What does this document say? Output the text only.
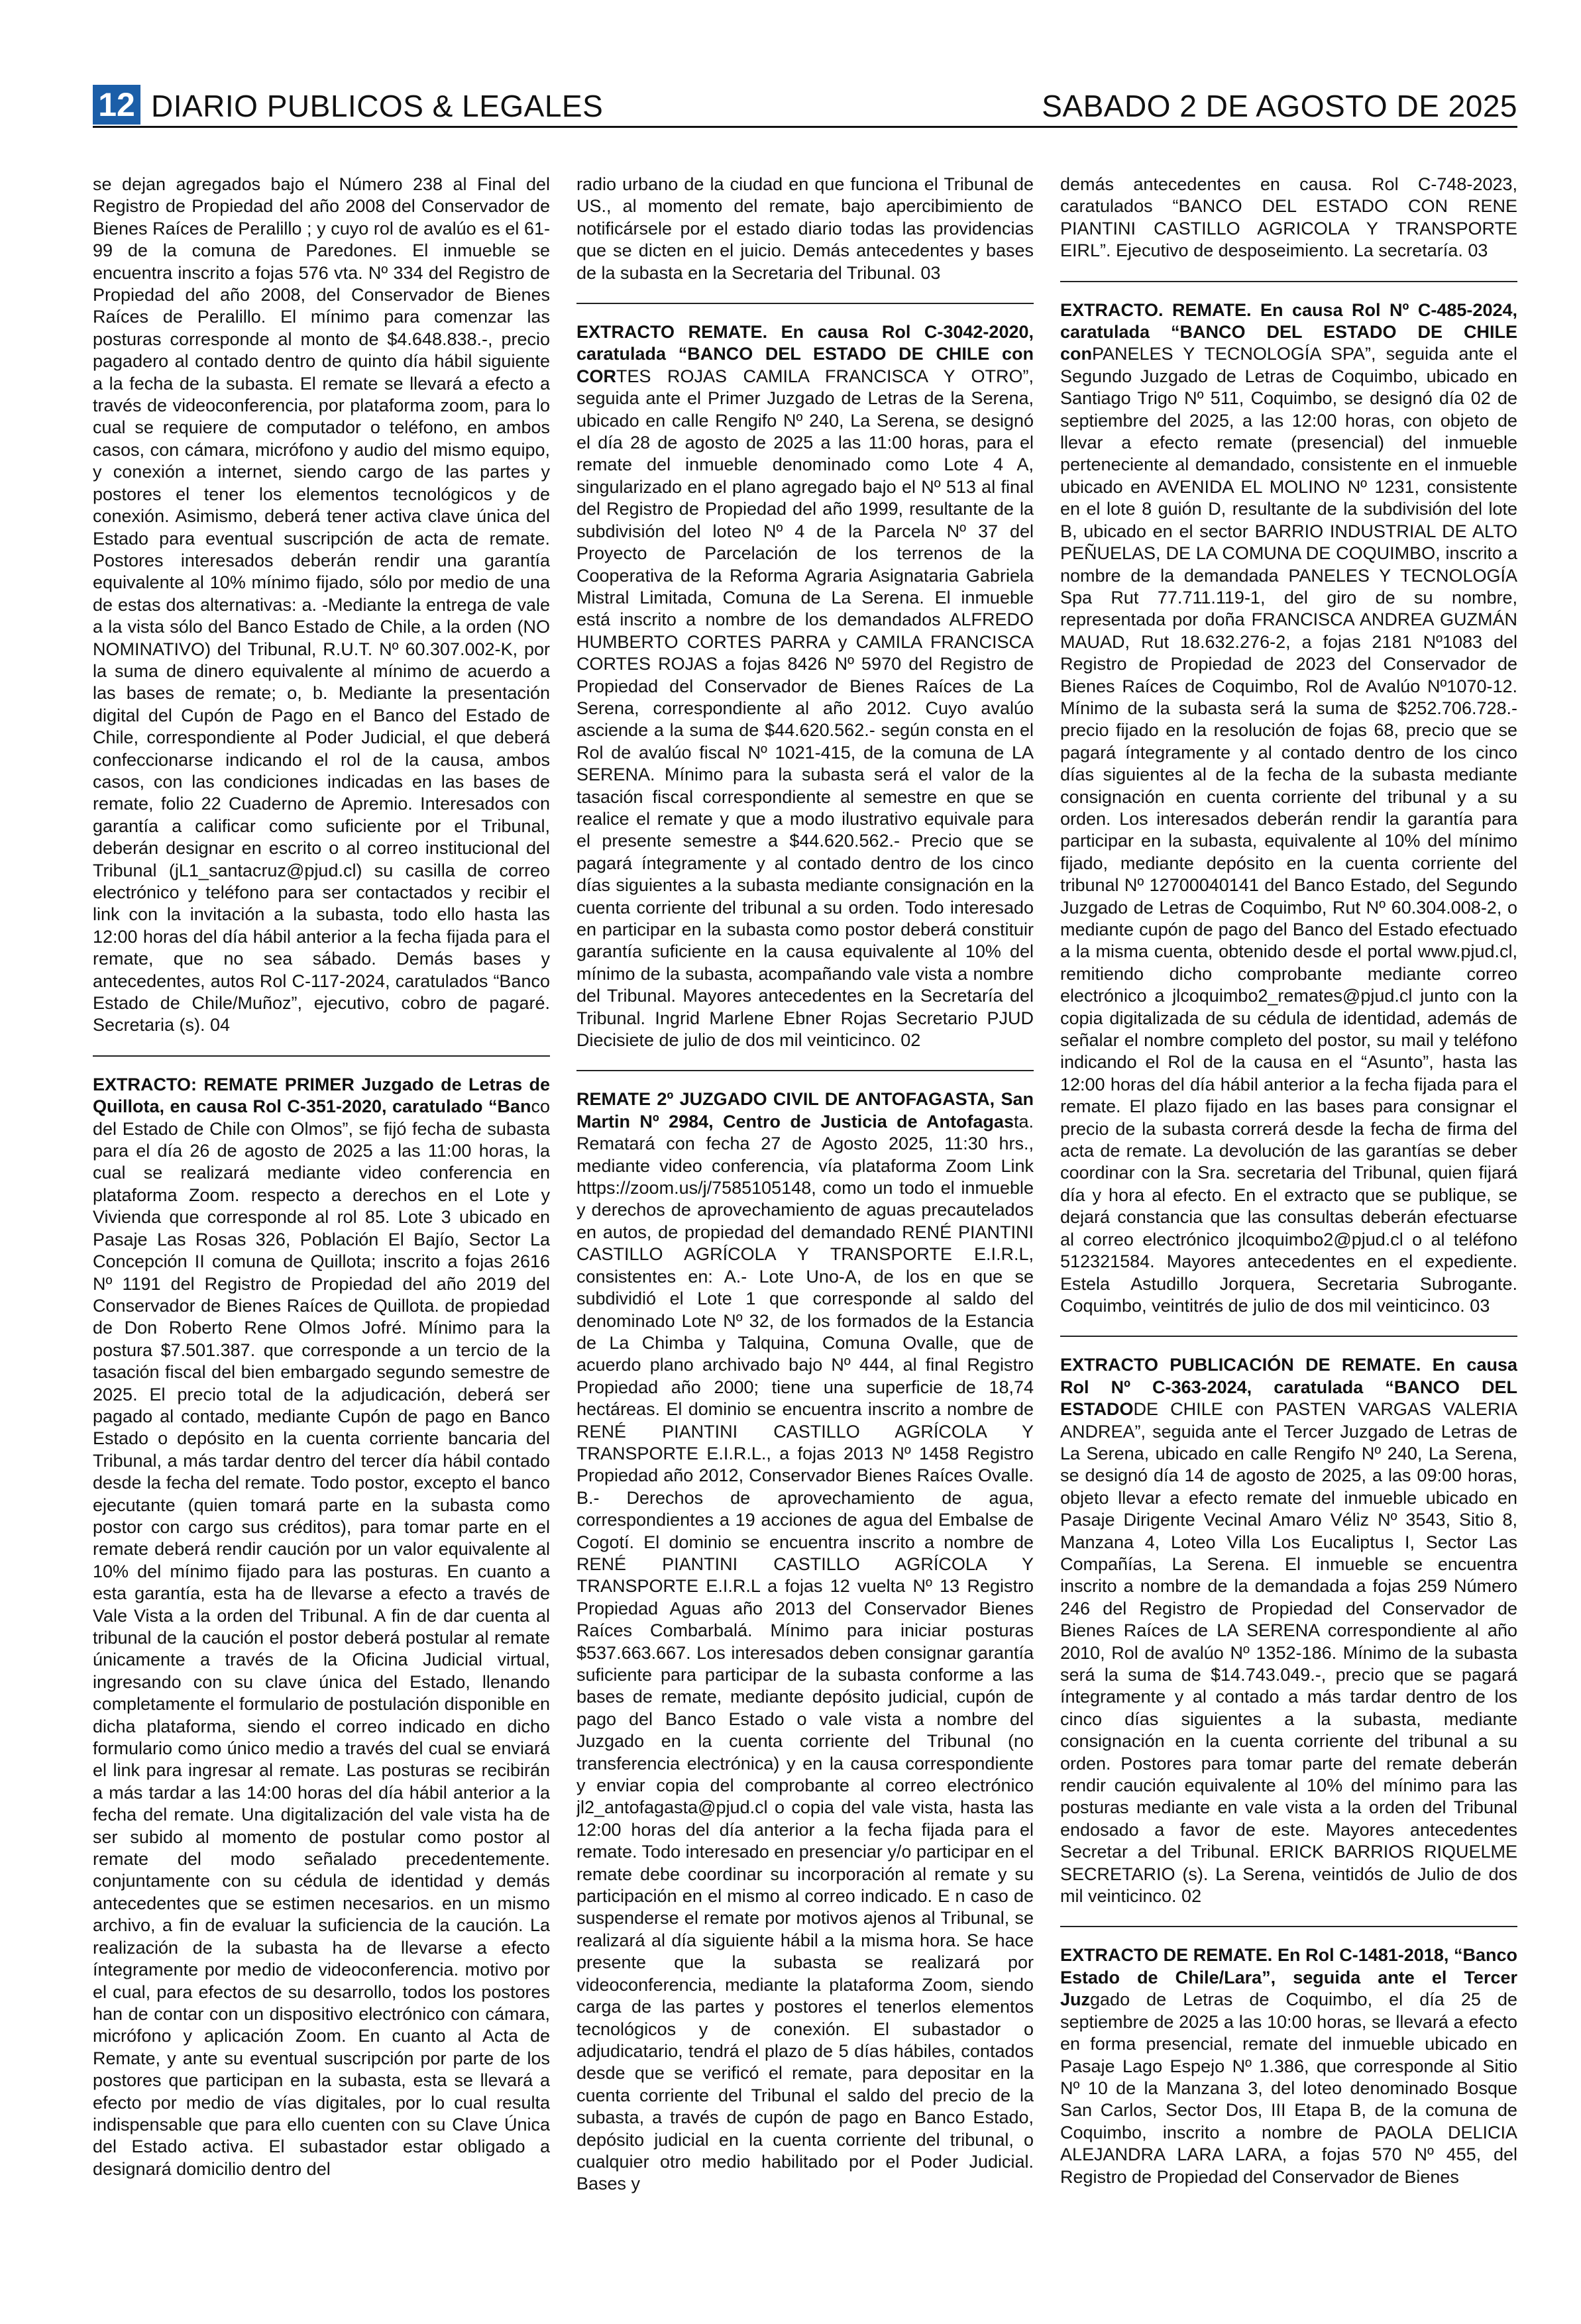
12 DIARIO PUBLICOS & LEGALES	SABADO 2 DE AGOSTO DE 2025

se dejan agregados bajo el Número 238 al Final del Registro de Propiedad del año 2008 del Conservador de Bienes Raíces de Peralillo ; y cuyo rol de avalúo es el 61-99 de la comuna de Paredones. El inmueble se encuentra inscrito a fojas 576 vta. Nº 334 del Registro de Propiedad del año 2008, del Conservador de Bienes Raíces de Peralillo. El mínimo para comenzar las posturas corresponde al monto de $4.648.838.-, precio pagadero al contado dentro de quinto día hábil siguiente a la fecha de la subasta. El remate se llevará a efecto a través de videoconferencia, por plataforma zoom, para lo cual se requiere de computador o teléfono, en ambos casos, con cámara, micrófono y audio del mismo equipo, y conexión a internet, siendo cargo de las partes y postores el tener los elementos tecnológicos y de conexión. Asimismo, deberá tener activa clave única del Estado para eventual suscripción de acta de remate. Postores interesados deberán rendir una garantía equivalente al 10% mínimo fijado, sólo por medio de una de estas dos alternativas: a. -Mediante la entrega de vale a la vista sólo del Banco Estado de Chile, a la orden (NO NOMINATIVO) del Tribunal, R.U.T. Nº 60.307.002-K, por la suma de dinero equivalente al mínimo de acuerdo a las bases de remate; o, b. Mediante la presentación digital del Cupón de Pago en el Banco del Estado de Chile, correspondiente al Poder Judicial, el que deberá confeccionarse indicando el rol de la causa, ambos casos, con las condiciones indicadas en las bases de remate, folio 22 Cuaderno de Apremio. Interesados con garantía a calificar como suficiente por el Tribunal, deberán designar en escrito o al correo institucional del Tribunal (jL1_santacruz@pjud.cl) su casilla de correo electrónico y teléfono para ser contactados y recibir el link con la invitación a la subasta, todo ello hasta las 12:00 horas del día hábil anterior a la fecha fijada para el remate, que no sea sábado. Demás bases y antecedentes, autos Rol C-117-2024, caratulados “Banco Estado de Chile/Muñoz”, ejecutivo, cobro de pagaré. Secretaria (s). 04

EXTRACTO: REMATE PRIMER Juzgado de Letras de Quillota, en causa Rol C-351-2020, caratulado “Banco del Estado de Chile con Olmos”, se fijó fecha de subasta para el día 26 de agosto de 2025 a las 11:00 horas, la cual se realizará mediante video conferencia en plataforma Zoom. respecto a derechos en el Lote y Vivienda que corresponde al rol 85. Lote 3 ubicado en Pasaje Las Rosas 326, Población El Bajío, Sector La Concepción II comuna de Quillota; inscrito a fojas 2616 Nº 1191 del Registro de Propiedad del año 2019 del Conservador de Bienes Raíces de Quillota. de propiedad de Don Roberto Rene Olmos Jofré. Mínimo para la postura $7.501.387. que corresponde a un tercio de la tasación fiscal del bien embargado segundo semestre de 2025. El precio total de la adjudicación, deberá ser pagado al contado, mediante Cupón de pago en Banco Estado o depósito en la cuenta corriente bancaria del Tribunal, a más tardar dentro del tercer día hábil contado desde la fecha del remate. Todo postor, excepto el banco ejecutante (quien tomará parte en la subasta como postor con cargo sus créditos), para tomar parte en el remate deberá rendir caución por un valor equivalente al 10% del mínimo fijado para las posturas. En cuanto a esta garantía, esta ha de llevarse a efecto a través de Vale Vista a la orden del Tribunal. A fin de dar cuenta al tribunal de la caución el postor deberá postular al remate únicamente a través de la Oficina Judicial virtual, ingresando con su clave única del Estado, llenando completamente el formulario de postulación disponible en dicha plataforma, siendo el correo indicado en dicho formulario como único medio a través del cual se enviará el link para ingresar al remate. Las posturas se recibirán a más tardar a las 14:00 horas del día hábil anterior a la fecha del remate. Una digitalización del vale vista ha de ser subido al momento de postular como postor al remate del modo señalado precedentemente. conjuntamente con su cédula de identidad y demás antecedentes que se estimen necesarios. en un mismo archivo, a fin de evaluar la suficiencia de la caución. La realización de la subasta ha de llevarse a efecto íntegramente por medio de videoconferencia. motivo por el cual, para efectos de su desarrollo, todos los postores han de contar con un dispositivo electrónico con cámara, micrófono y aplicación Zoom. En cuanto al Acta de Remate, y ante su eventual suscripción por parte de los postores que participan en la subasta, esta se llevará a efecto por medio de vías digitales, por lo cual resulta indispensable que para ello cuenten con su Clave Única del Estado activa. El subastador estar obligado a designará domicilio dentro del

radio urbano de la ciudad en que funciona el Tribunal de US., al momento del remate, bajo apercibimiento de notificársele por el estado diario todas las providencias que se dicten en el juicio. Demás antecedentes y bases de la subasta en la Secretaria del Tribunal. 03

EXTRACTO REMATE. En causa Rol C-3042-2020, caratulada “BANCO DEL ESTADO DE CHILE con CORTES ROJAS CAMILA FRANCISCA Y OTRO”, seguida ante el Primer Juzgado de Letras de la Serena, ubicado en calle Rengifo Nº 240, La Serena, se designó el día 28 de agosto de 2025 a las 11:00 horas, para el remate del inmueble denominado como Lote 4 A, singularizado en el plano agregado bajo el Nº 513 al final del Registro de Propiedad del año 1999, resultante de la subdivisión del loteo Nº 4 de la Parcela Nº 37 del Proyecto de Parcelación de los terrenos de la Cooperativa de la Reforma Agraria Asignataria Gabriela Mistral Limitada, Comuna de La Serena. El inmueble está inscrito a nombre de los demandados ALFREDO HUMBERTO CORTES PARRA y CAMILA FRANCISCA CORTES ROJAS a fojas 8426 Nº 5970 del Registro de Propiedad del Conservador de Bienes Raíces de La Serena, correspondiente al año 2012. Cuyo avalúo asciende a la suma de $44.620.562.- según consta en el Rol de avalúo fiscal Nº 1021-415, de la comuna de LA SERENA. Mínimo para la subasta será el valor de la tasación fiscal correspondiente al semestre en que se realice el remate y que a modo ilustrativo equivale para el presente semestre a $44.620.562.- Precio que se pagará íntegramente y al contado dentro de los cinco días siguientes a la subasta mediante consignación en la cuenta corriente del tribunal a su orden. Todo interesado en participar en la subasta como postor deberá constituir garantía suficiente en la causa equivalente al 10% del mínimo de la subasta, acompañando vale vista a nombre del Tribunal. Mayores antecedentes en la Secretaría del Tribunal. Ingrid Marlene Ebner Rojas Secretario PJUD Diecisiete de julio de dos mil veinticinco. 02

REMATE 2º JUZGADO CIVIL DE ANTOFAGASTA, San Martin Nº 2984, Centro de Justicia de Antofagasta. Rematará con fecha 27 de Agosto 2025, 11:30 hrs., mediante video conferencia, vía plataforma Zoom Link https://zoom.us/j/7585105148, como un todo el inmueble y derechos de aprovechamiento de aguas precautelados en autos, de propiedad del demandado RENÉ PIANTINI CASTILLO AGRÍCOLA Y TRANSPORTE E.I.R.L, consistentes en: A.- Lote Uno-A, de los en que se subdividió el Lote 1 que corresponde al saldo del denominado Lote Nº 32, de los formados de la Estancia de La Chimba y Talquina, Comuna Ovalle, que de acuerdo plano archivado bajo Nº 444, al final Registro Propiedad año 2000; tiene una superficie de 18,74 hectáreas. El dominio se encuentra inscrito a nombre de RENÉ PIANTINI CASTILLO AGRÍCOLA Y TRANSPORTE E.I.R.L., a fojas 2013 Nº 1458 Registro Propiedad año 2012, Conservador Bienes Raíces Ovalle. B.- Derechos de aprovechamiento de agua, correspondientes a 19 acciones de agua del Embalse de Cogotí. El dominio se encuentra inscrito a nombre de RENÉ PIANTINI CASTILLO AGRÍCOLA Y TRANSPORTE E.I.R.L a fojas 12 vuelta Nº 13 Registro Propiedad Aguas año 2013 del Conservador Bienes Raíces Combarbalá. Mínimo para iniciar posturas $537.663.667. Los interesados deben consignar garantía suficiente para participar de la subasta conforme a las bases de remate, mediante depósito judicial, cupón de pago del Banco Estado o vale vista a nombre del Juzgado en la cuenta corriente del Tribunal (no transferencia electrónica) y en la causa correspondiente y enviar copia del comprobante al correo electrónico jl2_antofagasta@pjud.cl o copia del vale vista, hasta las 12:00 horas del día anterior a la fecha fijada para el remate. Todo interesado en presenciar y/o participar en el remate debe coordinar su incorporación al remate y su participación en el mismo al correo indicado. E n caso de suspenderse el remate por motivos ajenos al Tribunal, se realizará al día siguiente hábil a la misma hora. Se hace presente que la subasta se realizará por videoconferencia, mediante la plataforma Zoom, siendo carga de las partes y postores el tenerlos elementos tecnológicos y de conexión. El subastador o adjudicatario, tendrá el plazo de 5 días hábiles, contados desde que se verificó el remate, para depositar en la cuenta corriente del Tribunal el saldo del precio de la subasta, a través de cupón de pago en Banco Estado, depósito judicial en la cuenta corriente del tribunal, o cualquier otro medio habilitado por el Poder Judicial. Bases y

demás antecedentes en causa. Rol C-748-2023, caratulados “BANCO DEL ESTADO CON RENE PIANTINI CASTILLO AGRICOLA Y TRANSPORTE EIRL”. Ejecutivo de desposeimiento. La secretaría. 03

EXTRACTO. REMATE. En causa Rol Nº C-485-2024, caratulada “BANCO DEL ESTADO DE CHILE conPANELES Y TECNOLOGÍA SPA”, seguida ante el Segundo Juzgado de Letras de Coquimbo, ubicado en Santiago Trigo Nº 511, Coquimbo, se designó día 02 de septiembre del 2025, a las 12:00 horas, con objeto de llevar a efecto remate (presencial) del inmueble perteneciente al demandado, consistente en el inmueble ubicado en AVENIDA EL MOLINO Nº 1231, consistente en el lote 8 guión D, resultante de la subdivisión del lote B, ubicado en el sector BARRIO INDUSTRIAL DE ALTO PEÑUELAS, DE LA COMUNA DE COQUIMBO, inscrito a nombre de la demandada PANELES Y TECNOLOGÍA Spa Rut 77.711.119-1, del giro de su nombre, representada por doña FRANCISCA ANDREA GUZMÁN MAUAD, Rut 18.632.276-2, a fojas 2181 Nº1083 del Registro de Propiedad de 2023 del Conservador de Bienes Raíces de Coquimbo, Rol de Avalúo Nº1070-12. Mínimo de la subasta será la suma de $252.706.728.- precio fijado en la resolución de fojas 68, precio que se pagará íntegramente y al contado dentro de los cinco días siguientes al de la fecha de la subasta mediante consignación en cuenta corriente del tribunal y a su orden. Los interesados deberán rendir la garantía para participar en la subasta, equivalente al 10% del mínimo fijado, mediante depósito en la cuenta corriente del tribunal Nº 12700040141 del Banco Estado, del Segundo Juzgado de Letras de Coquimbo, Rut Nº 60.304.008-2, o mediante cupón de pago del Banco del Estado efectuado a la misma cuenta, obtenido desde el portal www.pjud.cl, remitiendo dicho comprobante mediante correo electrónico a jlcoquimbo2_remates@pjud.cl junto con la copia digitalizada de su cédula de identidad, además de señalar el nombre completo del postor, su mail y teléfono indicando el Rol de la causa en el “Asunto”, hasta las 12:00 horas del día hábil anterior a la fecha fijada para el remate. El plazo fijado en las bases para consignar el precio de la subasta correrá desde la fecha de firma del acta de remate. La devolución de las garantías se deber coordinar con la Sra. secretaria del Tribunal, quien fijará día y hora al efecto. En el extracto que se publique, se dejará constancia que las consultas deberán efectuarse al correo electrónico jlcoquimbo2@pjud.cl o al teléfono 512321584. Mayores antecedentes en el expediente. Estela Astudillo Jorquera, Secretaria Subrogante. Coquimbo, veintitrés de julio de dos mil veinticinco. 03

EXTRACTO PUBLICACIÓN DE REMATE. En causa Rol Nº C-363-2024, caratulada “BANCO DEL ESTADODE CHILE con PASTEN VARGAS VALERIA ANDREA”, seguida ante el Tercer Juzgado de Letras de La Serena, ubicado en calle Rengifo Nº 240, La Serena, se designó día 14 de agosto de 2025, a las 09:00 horas, objeto llevar a efecto remate del inmueble ubicado en Pasaje Dirigente Vecinal Amaro Véliz Nº 3543, Sitio 8, Manzana 4, Loteo Villa Los Eucaliptus I, Sector Las Compañías, La Serena. El inmueble se encuentra inscrito a nombre de la demandada a fojas 259 Número 246 del Registro de Propiedad del Conservador de Bienes Raíces de LA SERENA correspondiente al año 2010, Rol de avalúo Nº 1352-186. Mínimo de la subasta será la suma de $14.743.049.-, precio que se pagará íntegramente y al contado a más tardar dentro de los cinco días siguientes a la subasta, mediante consignación en la cuenta corriente del tribunal a su orden. Postores para tomar parte del remate deberán rendir caución equivalente al 10% del mínimo para las posturas mediante en vale vista a la orden del Tribunal endosado a favor de este. Mayores antecedentes Secretar a del Tribunal. ERICK BARRIOS RIQUELME SECRETARIO (s). La Serena, veintidós de Julio de dos mil veinticinco. 02

EXTRACTO DE REMATE. En Rol C-1481-2018, “Banco Estado de Chile/Lara”, seguida ante el Tercer Juzgado de Letras de Coquimbo, el día 25 de septiembre de 2025 a las 10:00 horas, se llevará a efecto en forma presencial, remate del inmueble ubicado en Pasaje Lago Espejo Nº 1.386, que corresponde al Sitio Nº 10 de la Manzana 3, del loteo denominado Bosque San Carlos, Sector Dos, III Etapa B, de la comuna de Coquimbo, inscrito a nombre de PAOLA DELICIA ALEJANDRA LARA LARA, a fojas 570 Nº 455, del Registro de Propiedad del Conservador de Bienes
